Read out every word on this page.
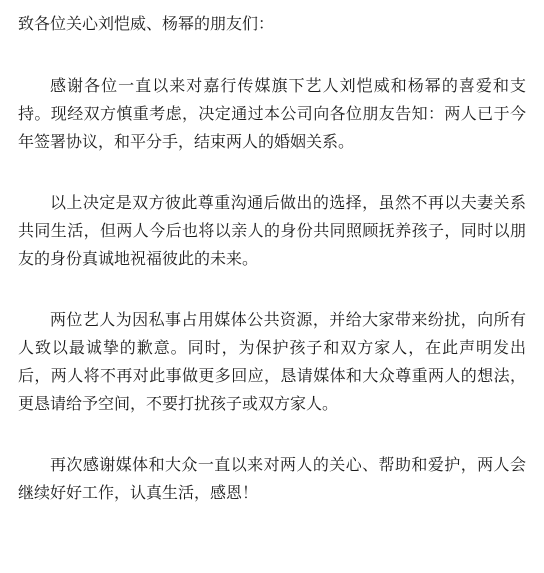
致各位关心刘恺威、杨幂的朋友们：

感谢各位一直以来对嘉行传媒旗下艺人刘恺威和杨幂的喜爱和支持。现经双方慎重考虑，决定通过本公司向各位朋友告知：两人已于今年签署协议，和平分手，结束两人的婚姻关系。

以上决定是双方彼此尊重沟通后做出的选择，虽然不再以夫妻关系共同生活，但两人今后也将以亲人的身份共同照顾抚养孩子，同时以朋友的身份真诚地祝福彼此的未来。

两位艺人为因私事占用媒体公共资源，并给大家带来纷扰，向所有人致以最诚挚的歉意。同时，为保护孩子和双方家人，在此声明发出后，两人将不再对此事做更多回应，恳请媒体和大众尊重两人的想法，更恳请给予空间，不要打扰孩子或双方家人。

再次感谢媒体和大众一直以来对两人的关心、帮助和爱护，两人会继续好好工作，认真生活，感恩！
